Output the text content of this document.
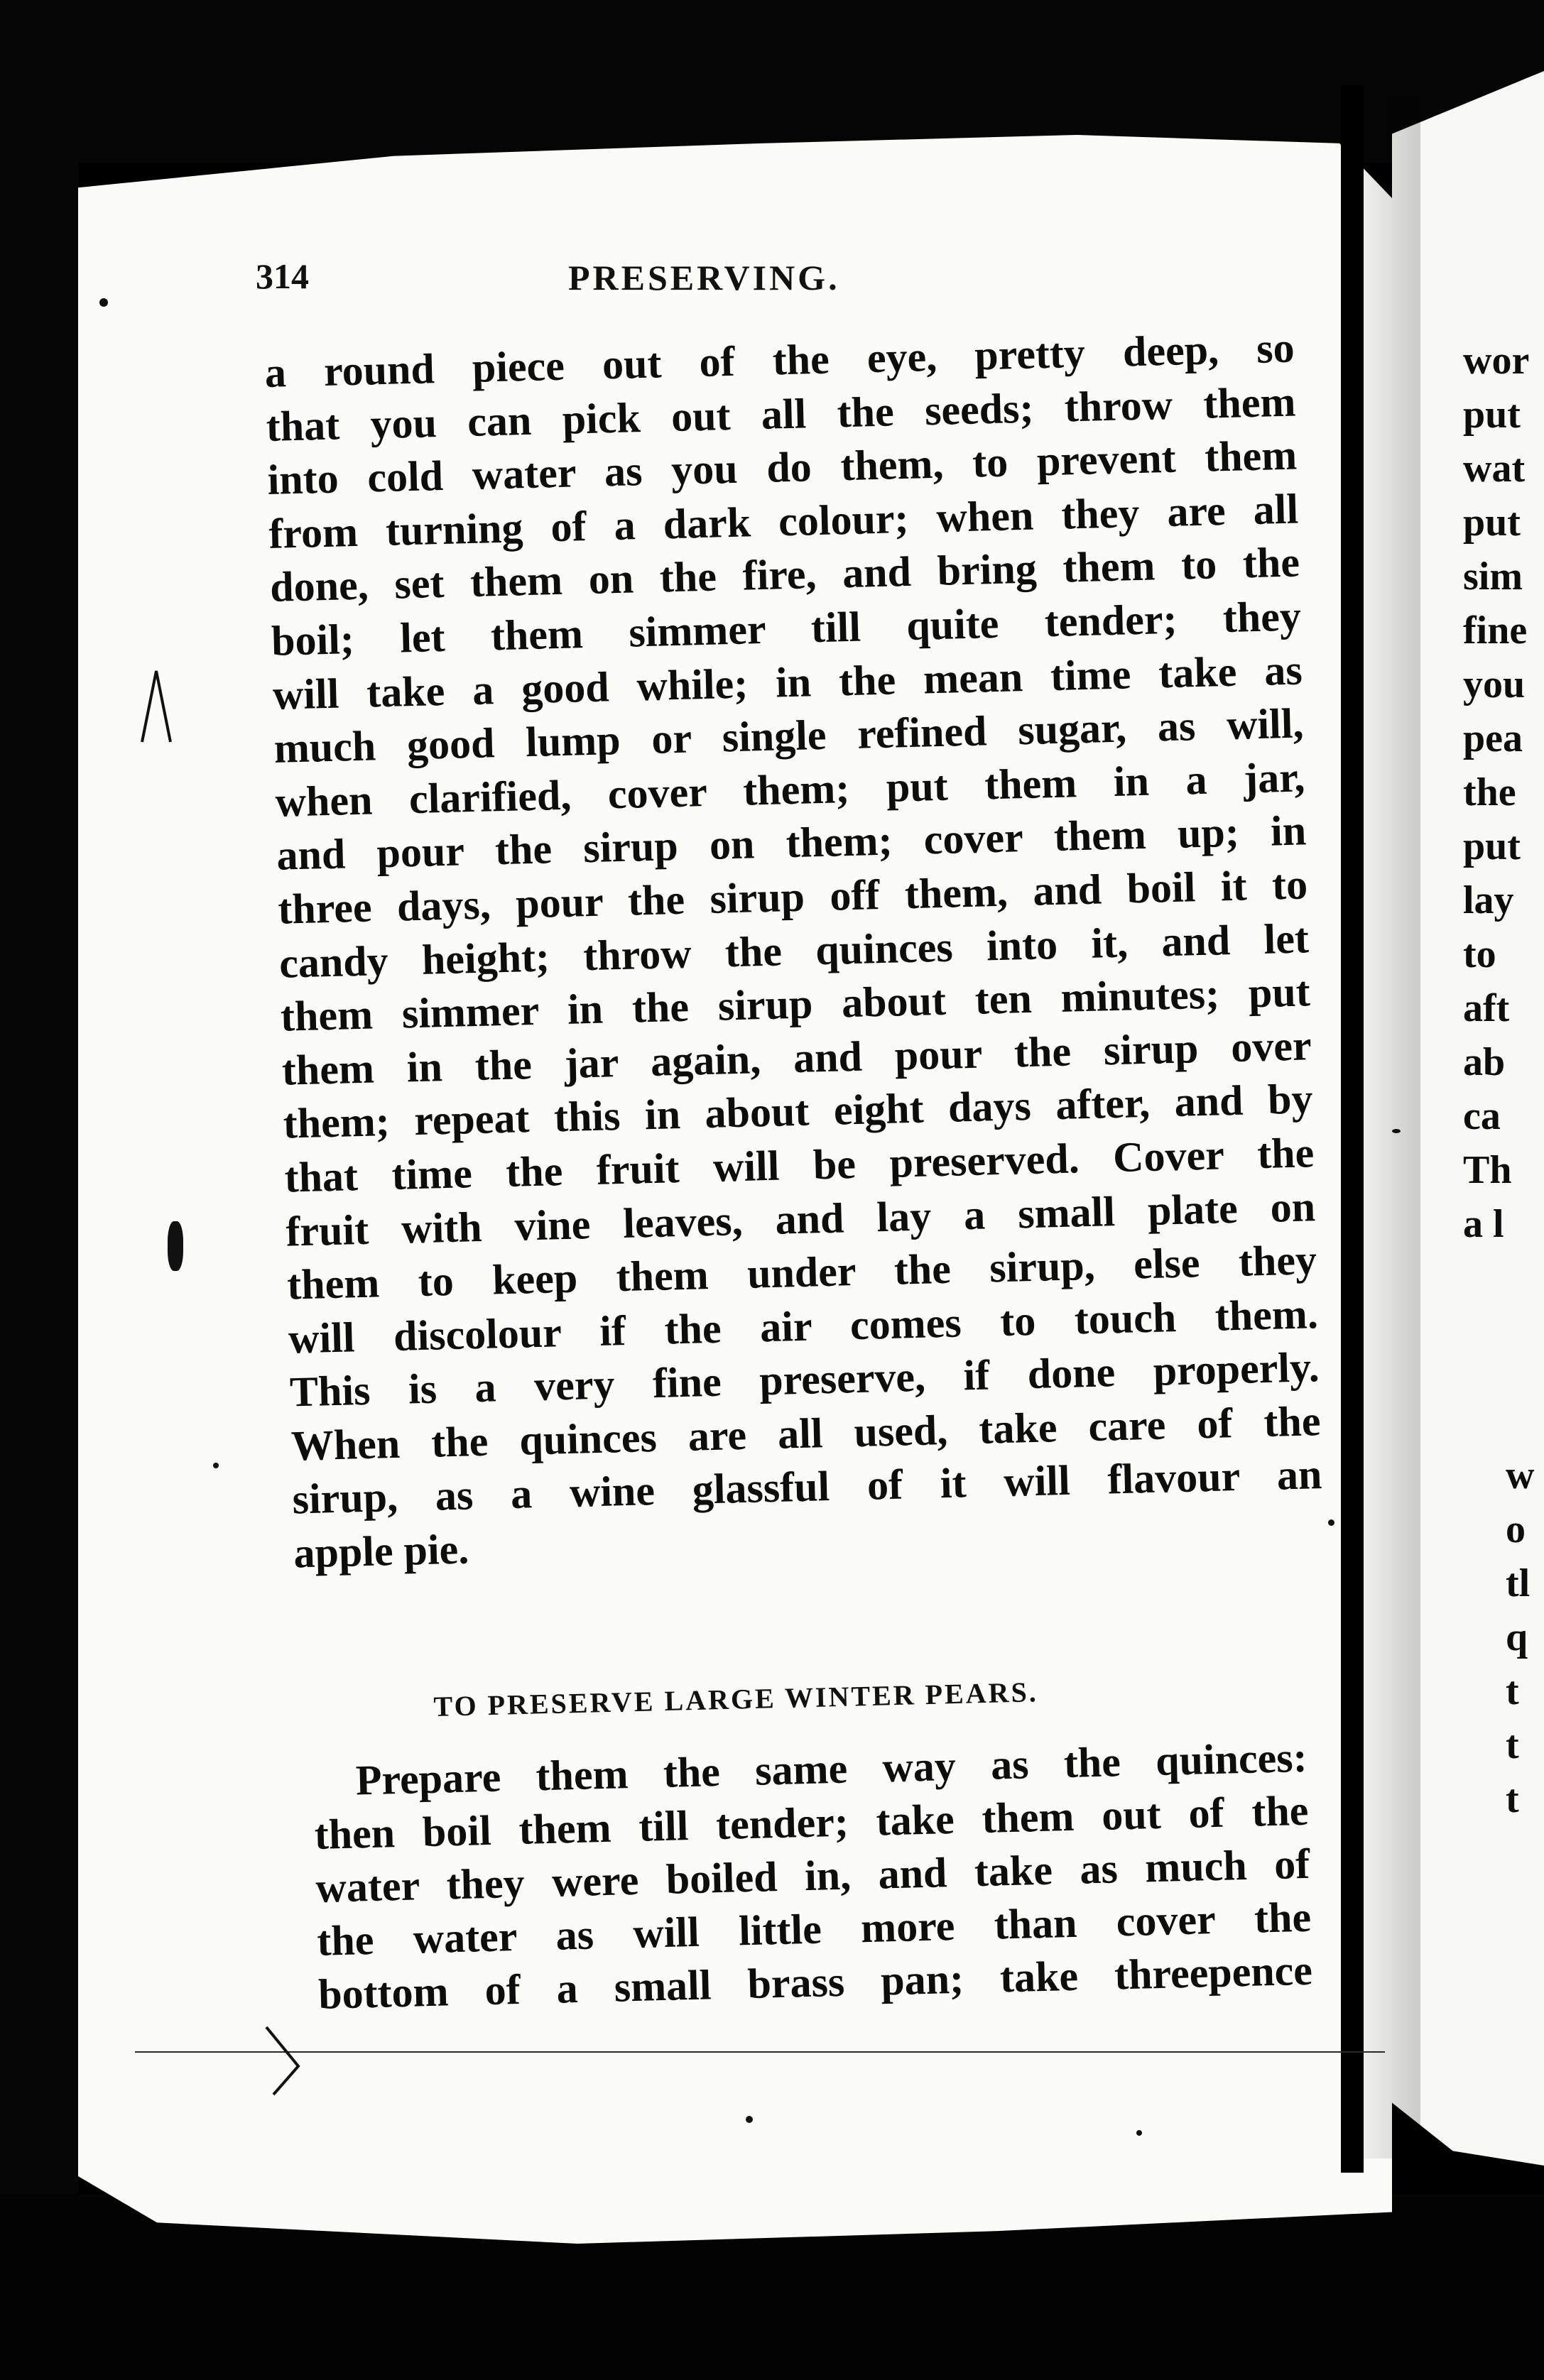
314	PRESERVING.
a round piece out of the eye, pretty deep, so
that you can pick out all the seeds; throw them
into cold water as you do them, to prevent them
from turning of a dark colour; when they are all
done, set them on the fire, and bring them to the
boil; let them simmer till quite tender; they
will take a good while; in the mean time take as
much good lump or single refined sugar, as will,
when clarified, cover them; put them in a jar,
and pour the sirup on them; cover them up; in
three days, pour the sirup off them, and boil it to
candy height; throw the quinces into it, and let
them simmer in the sirup about ten minutes; put
them in the jar again, and pour the sirup over
them; repeat this in about eight days after, and by
that time the fruit will be preserved. Cover the
fruit with vine leaves, and lay a small plate on
them to keep them under the sirup, else they
will discolour if the air comes to touch them.
This is a very fine preserve, if done properly.
When the quinces are all used, take care of the
sirup, as a wine glassful of it will flavour an
apple pie.
TO PRESERVE LARGE WINTER PEARS.
Prepare them the same way as the quinces:
then boil them till tender; take them out of the
water they were boiled in, and take as much of
the water as will little more than cover the
bottom of a small brass pan; take threepence
wor
put
wat
put
sim
fine
you
pea
the
put
lay
to
aft
ab
ca
Th
a l
w
o
tl
q
t
t
t
